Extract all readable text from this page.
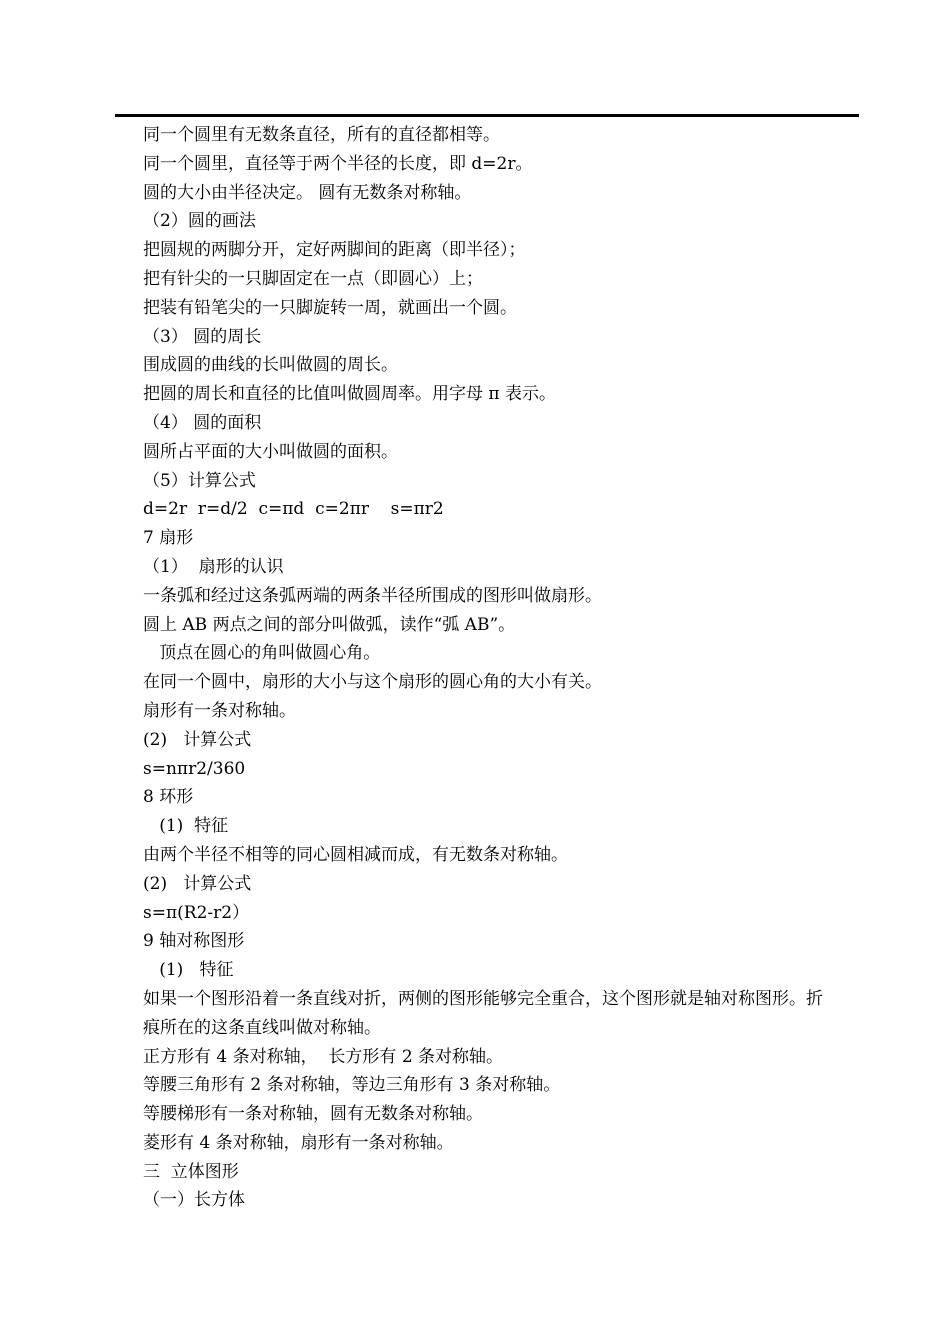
同一个圆里有无数条直径，所有的直径都相等。
同一个圆里，直径等于两个半径的长度，即 d=2r。
圆的大小由半径决定。 圆有无数条对称轴。
（2）圆的画法
把圆规的两脚分开，定好两脚间的距离（即半径）；
把有针尖的一只脚固定在一点（即圆心）上；
把装有铅笔尖的一只脚旋转一周，就画出一个圆。
（3） 圆的周长
围成圆的曲线的长叫做圆的周长。
把圆的周长和直径的比值叫做圆周率。用字母 π 表示。
（4） 圆的面积
圆所占平面的大小叫做圆的面积。
（5）计算公式
d=2r  r=d/2  c=πd  c=2πr    s=πr2
7 扇形
（1）  扇形的认识
一条弧和经过这条弧两端的两条半径所围成的图形叫做扇形。
圆上 AB 两点之间的部分叫做弧，读作“弧 AB”。
顶点在圆心的角叫做圆心角。
在同一个圆中，扇形的大小与这个扇形的圆心角的大小有关。
扇形有一条对称轴。
(2)   计算公式
s=nπr2/360
8 环形
(1)  特征
由两个半径不相等的同心圆相减而成，有无数条对称轴。
(2)   计算公式
s=π(R2-r2）
9 轴对称图形
(1)   特征
如果一个图形沿着一条直线对折，两侧的图形能够完全重合，这个图形就是轴对称图形。折痕所在的这条直线叫做对称轴。
正方形有 4 条对称轴，  长方形有 2 条对称轴。
等腰三角形有 2 条对称轴，等边三角形有 3 条对称轴。
等腰梯形有一条对称轴，圆有无数条对称轴。
菱形有 4 条对称轴，扇形有一条对称轴。
三  立体图形
（一）长方体
